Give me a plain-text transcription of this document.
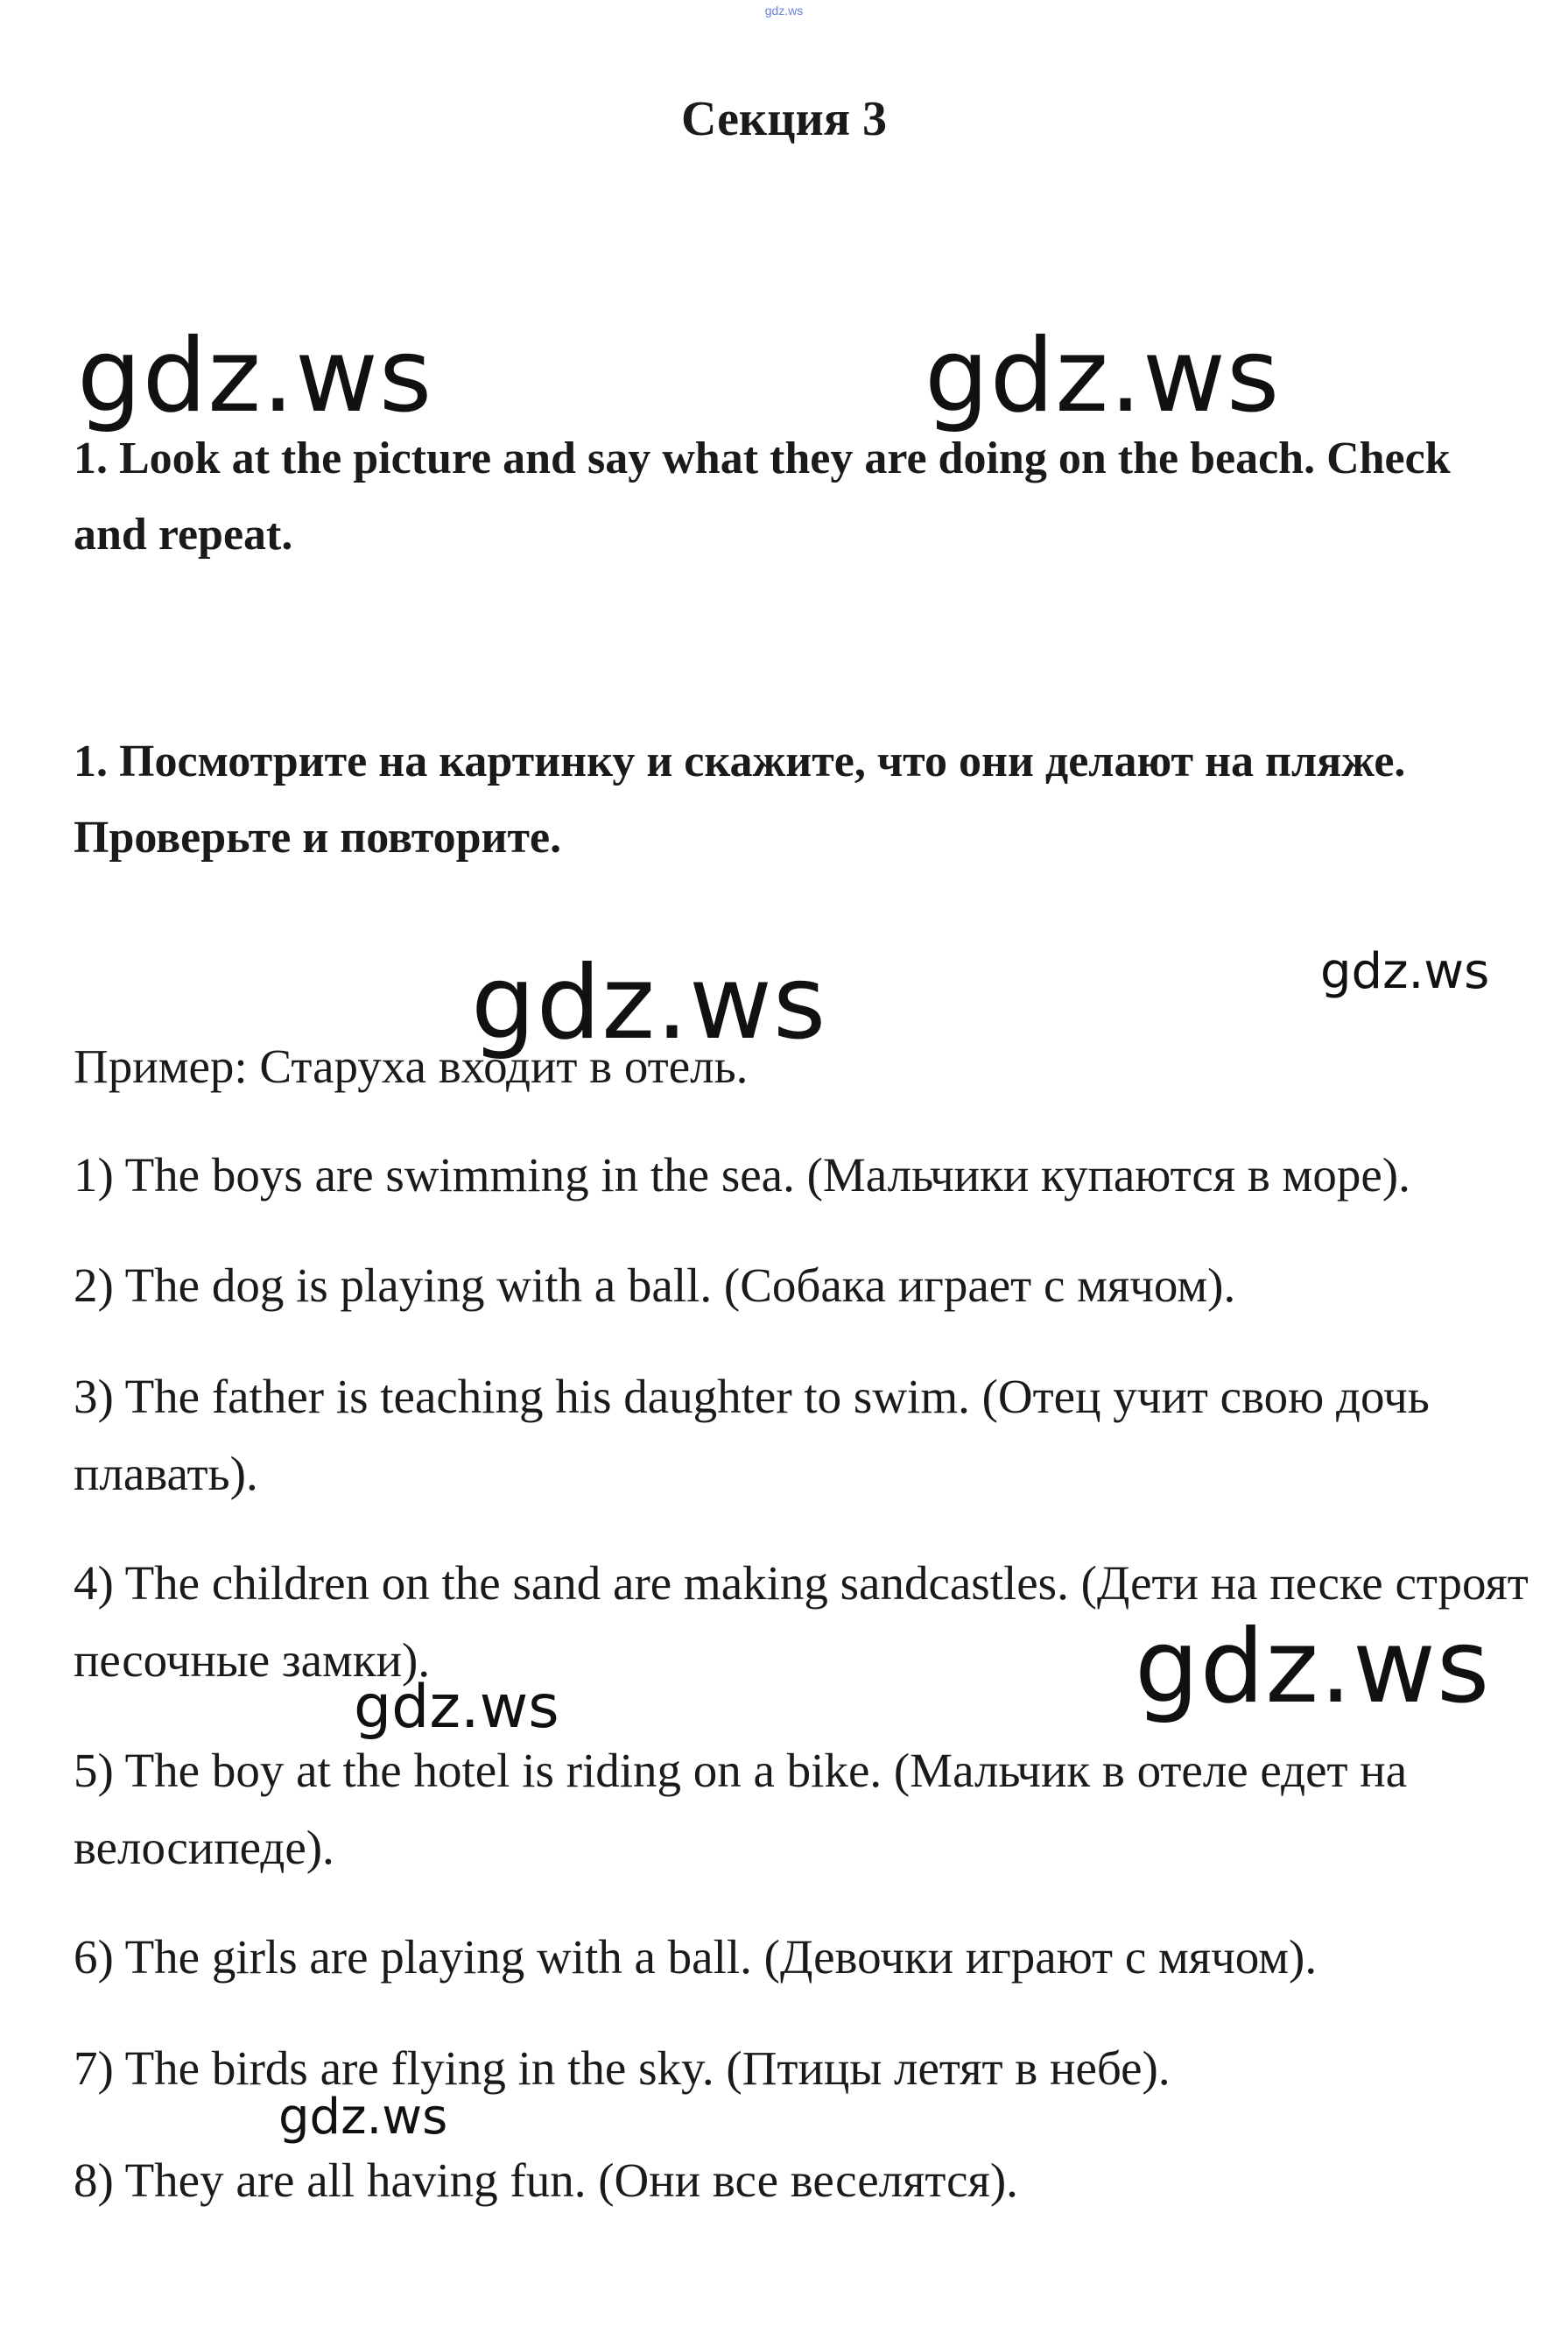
gdz.ws
Секция 3
gdz.ws	gdz.ws
1. Look at the picture and say what they are doing on the beach. Check and repeat.
1. Посмотрите на картинку и скажите, что они делают на пляже. Проверьте и повторите.
gdz.ws	gdz.ws
Пример: Старуха входит в отель.
1) The boys are swimming in the sea. (Мальчики купаются в море).
2) The dog is playing with a ball. (Собака играет с мячом).
3) The father is teaching his daughter to swim. (Отец учит свою дочь плавать).
4) The children on the sand are making sandcastles. (Дети на песке строят песочные замки).
5) The boy at the hotel is riding on a bike. (Мальчик в отеле едет на велосипеде).
6) The girls are playing with a ball. (Девочки играют с мячом).
7) The birds are flying in the sky. (Птицы летят в небе).
8) They are all having fun. (Они все веселятся).
gdz.ws
gdz.ws
gdz.ws
